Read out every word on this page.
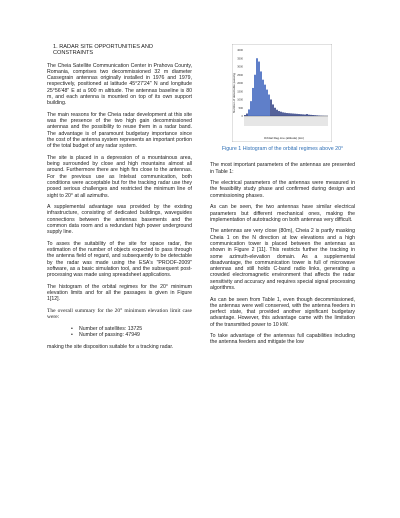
1. RADAR SITE OPPORTUNITIES AND CONSTRAINTS

The Cheia Satellite Communication Center in Prahova County, Romania, comprises two decommissioned 32 m diameter Cassegrain antennas originally installed in 1976 and 1979, respectively, positioned at latitude 45°27'24" N and longitude 25°56'48" E at a 900 m altitude. The antennas baseline is 80 m, and each antenna is mounted on top of its own support building.

The main reasons for the Cheia radar development at this site was the presence of the two high gain decommissioned antennas and the possibility to reuse them in a radar band. The advantage is of paramount budgetary importance since the cost of the antenna system represents an important portion of the total budget of any radar system.

The site is placed in a depression of a mountainous area, being surrounded by close and high mountains almost all around. Furthermore there are high firs close to the antennas. For the previous use as Intelsat communication, both conditions were acceptable but for the tracking radar use they posed serious challenges and restricted the minimum line of sight to 20° at all azimuths.

A supplemental advantage was provided by the existing infrastructure, consisting of dedicated buildings, waveguides connections between the antennas basements and the common data room and a redundant high power underground supply line.

To asses the suitability of the site for space radar, the estimation of the number of objects expected to pass through the antenna field of regard, and subsequently to be detectable by the radar was made using the ESA's "PROOF-2009" software, as a basic simulation tool, and the subsequent post-processing was made using spreadsheet applications.

The histogram of the orbital regimes for the 20° minimum elevation limits and for all the passages is given in Figure 1[12].

The overall summary for the 20° minimum elevation limit case were:

• Number of satellites: 13725
• Number of passing: 47949

making the site disposition suitable for a tracking radar.

0
500
1000
1500
2000
2500
3000
3500
4000
Number of detectable passing
Orbital Reg.ime (altitude) (km)
Figure 1 Histogram of the orbital regimes above 20°

The most important parameters of the antennas are presented in Table 1:

The electrical parameters of the antennas were measured in the feasibility study phase and confirmed during design and commissioning phases.

As can be seen, the two antennas have similar electrical parameters but different mechanical ones, making the implementation of autotracking on both antennas very difficult.

The antennas are very close (80m), Cheia 2 is partly masking Cheia 1 on the N direction at low elevations and a high communication tower is placed between the antennas as shown in Figure 2 [11]. This restricts further the tracking in some azimuth-elevation domain. As a supplemental disadvantage, the communication tower is full of microwave antennas and still holds C-band radio links, generating a crowded electromagnetic environment that affects the radar sensitivity and accuracy and requires special signal processing algorithms.

As can be seen from Table 1, even though decommissioned, the antennas were well conserved, with the antenna feeders in perfect state, that provided another significant budgetary advantage. However, this advantage came with the limitation of the transmitted power to 10 kW.

To take advantage of the antennas full capabilities including the antenna feeders and mitigate the low
